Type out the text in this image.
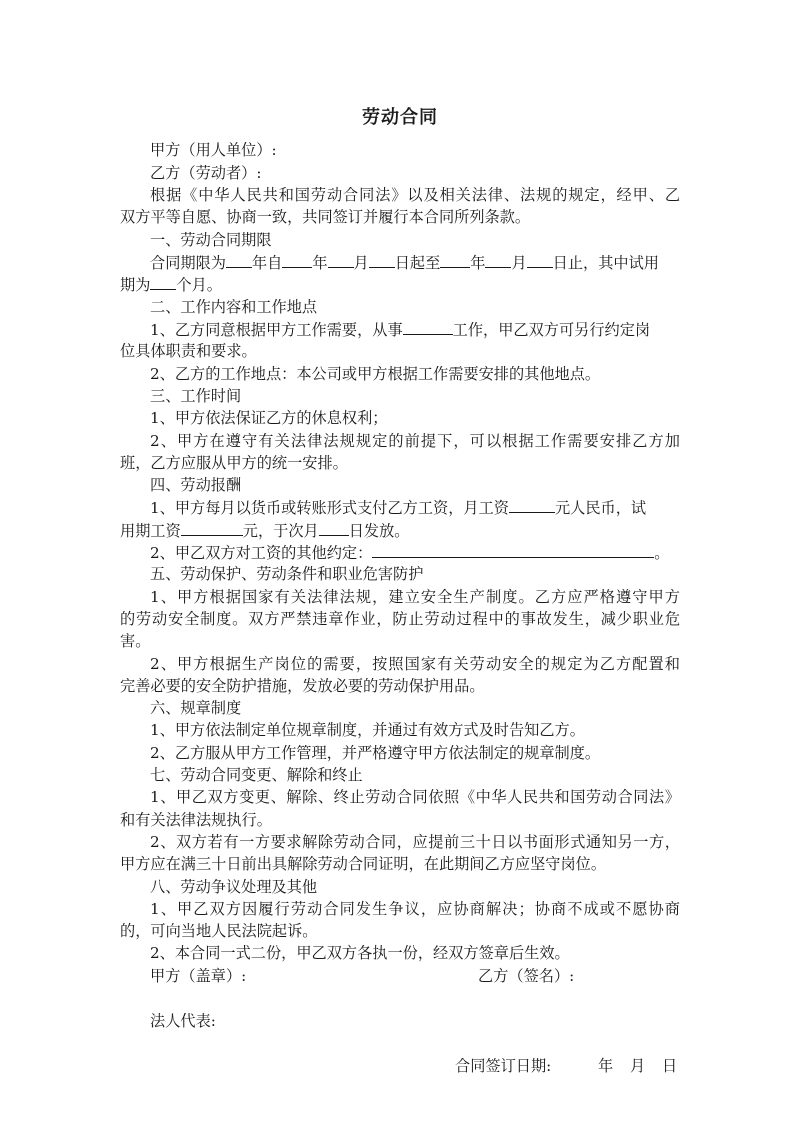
劳动合同
甲方（用人单位）:
乙方（劳动者）:
根据《中华人民共和国劳动合同法》以及相关法律、法规的规定，经甲、乙
双方平等自愿、协商一致，共同签订并履行本合同所列条款。
一、劳动合同期限
合同期限为 年自 年 月 日起至 年 月 日止，其中试用
期为 个月。
二、工作内容和工作地点
1、乙方同意根据甲方工作需要，从事	工作，甲乙双方可另行约定岗
位具体职责和要求。
2、乙方的工作地点：本公司或甲方根据工作需要安排的其他地点。
三、工作时间
1、甲方依法保证乙方的休息权利；
2、甲方在遵守有关法律法规规定的前提下，可以根据工作需要安排乙方加
班，乙方应服从甲方的统一安排。
四、劳动报酬
1、甲方每月以货币或转账形式支付乙方工资，月工资	元人民币，试
用期工资	元，于次月 日发放。
2、甲乙双方对工资的其他约定：	。
五、劳动保护、劳动条件和职业危害防护
1、甲方根据国家有关法律法规，建立安全生产制度。乙方应严格遵守甲方
的劳动安全制度。双方严禁违章作业，防止劳动过程中的事故发生，减少职业危
害。
2、甲方根据生产岗位的需要，按照国家有关劳动安全的规定为乙方配置和
完善必要的安全防护措施，发放必要的劳动保护用品。
六、规章制度
1、甲方依法制定单位规章制度，并通过有效方式及时告知乙方。
2、乙方服从甲方工作管理，并严格遵守甲方依法制定的规章制度。
七、劳动合同变更、解除和终止
1、甲乙双方变更、解除、终止劳动合同依照《中华人民共和国劳动合同法》
和有关法律法规执行。
2、双方若有一方要求解除劳动合同，应提前三十日以书面形式通知另一方，
甲方应在满三十日前出具解除劳动合同证明，在此期间乙方应坚守岗位。
八、劳动争议处理及其他
1、甲乙双方因履行劳动合同发生争议，应协商解决；协商不成或不愿协商
的，可向当地人民法院起诉。
2、本合同一式二份，甲乙双方各执一份，经双方签章后生效。
甲方（盖章）:	乙方（签名）:
法人代表:
合同签订日期:	年 月 日
